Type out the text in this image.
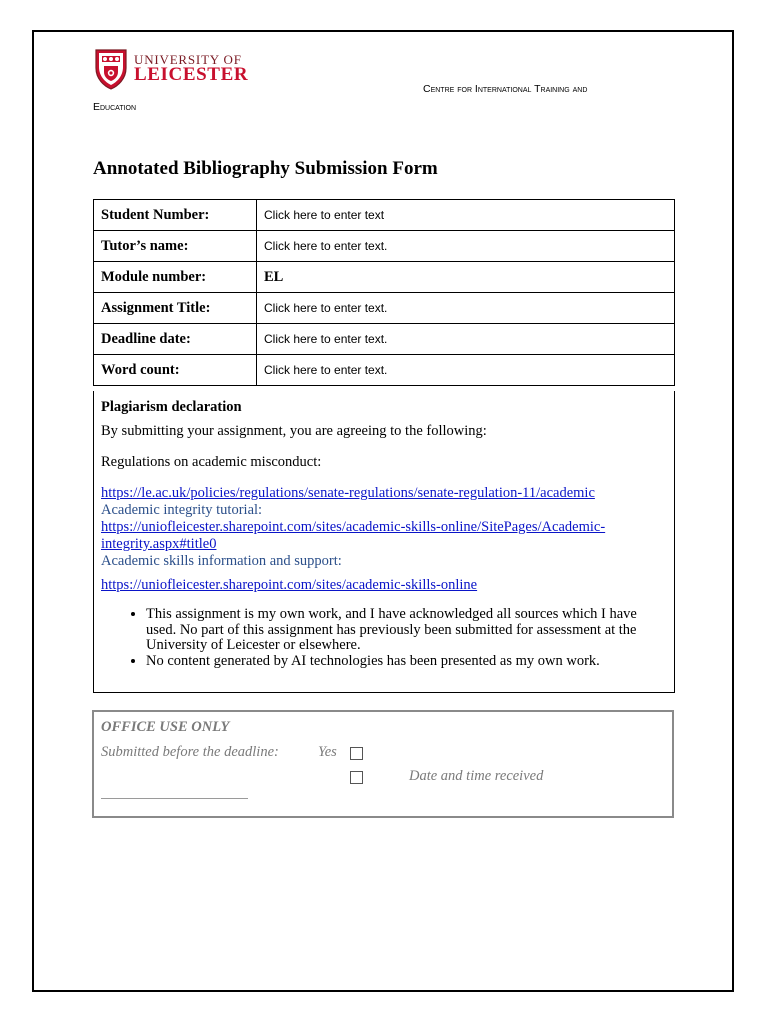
UNIVERSITY OF
LEICESTER
Centre for International Training and
Education
Annotated Bibliography Submission Form
Student Number:	Click here to enter text
Tutor’s name:	Click here to enter text.
Module number:	EL
Assignment Title:	Click here to enter text.
Deadline date:	Click here to enter text.
Word count:	Click here to enter text.
Plagiarism declaration
By submitting your assignment, you are agreeing to the following:
Regulations on academic misconduct:
https://le.ac.uk/policies/regulations/senate-regulations/senate-regulation-11/academic
Academic integrity tutorial:
https://uniofleicester.sharepoint.com/sites/academic-skills-online/SitePages/Academic-
integrity.aspx#title0
Academic skills information and support:
https://uniofleicester.sharepoint.com/sites/academic-skills-online
• This assignment is my own work, and I have acknowledged all sources which I have used. No part of this assignment has previously been submitted for assessment at the University of Leicester or elsewhere.
• No content generated by AI technologies has been presented as my own work.
OFFICE USE ONLY
Submitted before the deadline:	Yes
Date and time received
